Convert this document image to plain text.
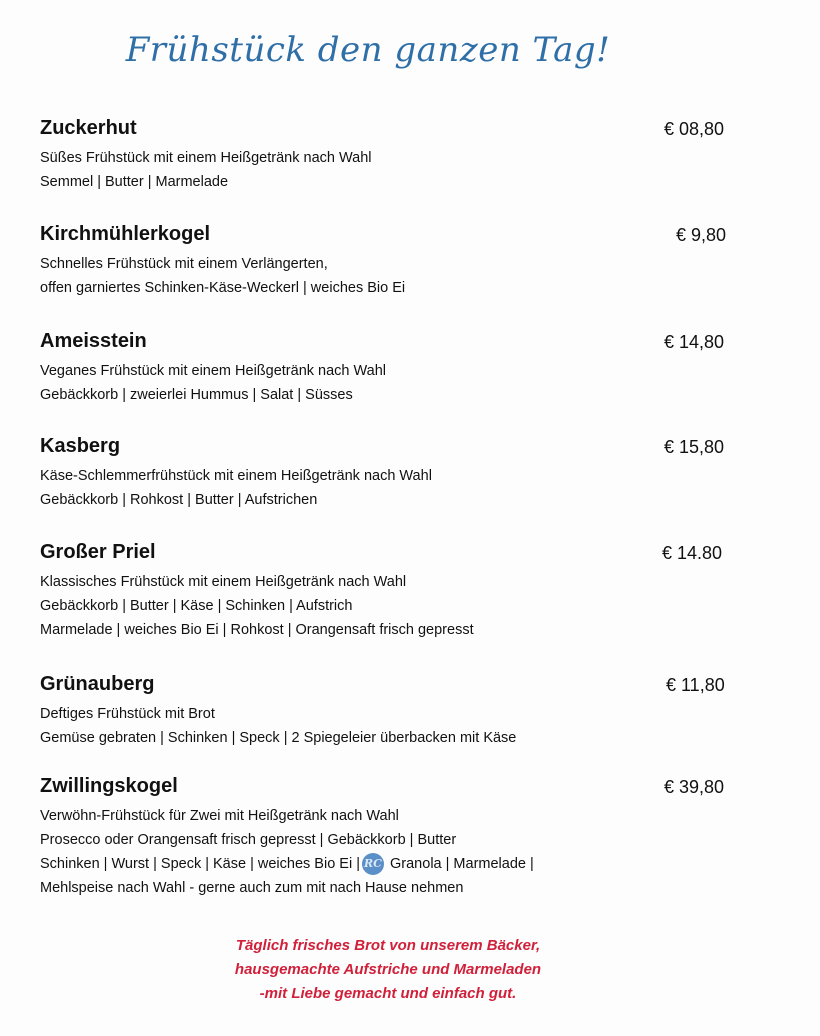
Frühstück den ganzen Tag!
Zuckerhut	€ 08,80
Süßes Frühstück mit einem Heißgetränk nach Wahl
Semmel | Butter | Marmelade
Kirchmühlerkogel	€ 9,80
Schnelles Frühstück mit einem Verlängerten,
offen garniertes Schinken-Käse-Weckerl | weiches Bio Ei
Ameisstein	€ 14,80
Veganes Frühstück mit einem Heißgetränk nach Wahl
Gebäckkorb | zweierlei Hummus | Salat | Süsses
Kasberg	€ 15,80
Käse-Schlemmerfrühstück mit einem Heißgetränk nach Wahl
Gebäckkorb | Rohkost | Butter | Aufstrichen
Großer Priel	€ 14.80
Klassisches Frühstück mit einem Heißgetränk nach Wahl
Gebäckkorb | Butter | Käse | Schinken | Aufstrich
Marmelade | weiches Bio Ei | Rohkost | Orangensaft frisch gepresst
Grünauberg	€ 11,80
Deftiges Frühstück mit Brot
Gemüse gebraten | Schinken | Speck | 2 Spiegeleier überbacken mit Käse
Zwillingskogel	€ 39,80
Verwöhn-Frühstück für Zwei mit Heißgetränk nach Wahl
Prosecco oder Orangensaft frisch gepresst | Gebäckkorb | Butter
Schinken | Wurst | Speck | Käse | weiches Bio Ei | RC Granola | Marmelade |
Mehlspeise nach Wahl - gerne auch zum mit nach Hause nehmen
Täglich frisches Brot von unserem Bäcker,
hausgemachte Aufstriche und Marmeladen
-mit Liebe gemacht und einfach gut.
